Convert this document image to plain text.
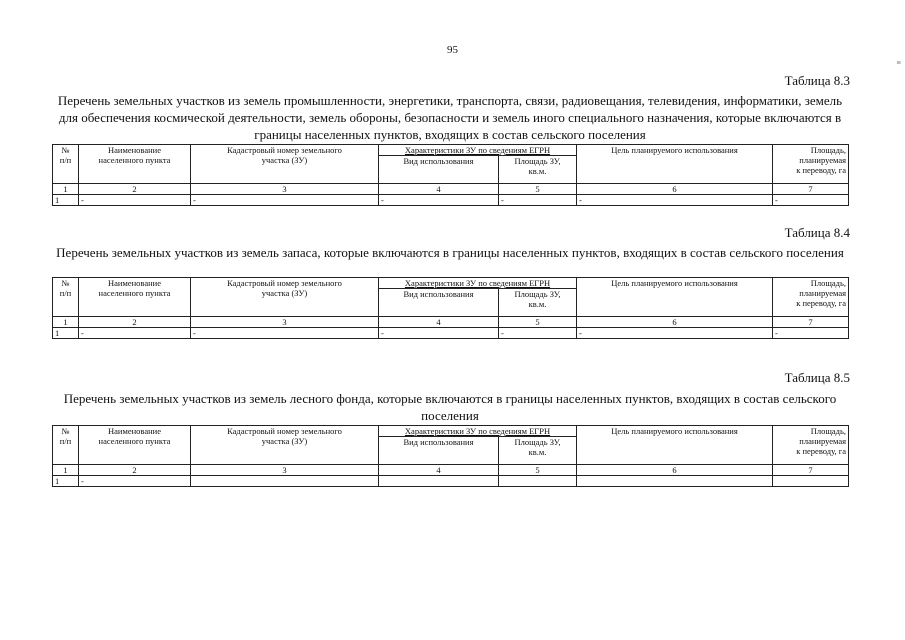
95
≡
Таблица 8.3
Перечень земельных участков из земель промышленности, энергетики, транспорта, связи, радиовещания, телевидения, информатики, земель для обеспечения космической деятельности, земель обороны, безопасности и земель иного специального назначения, которые включаются в границы населенных пунктов, входящих в состав сельского поселения
№
п/п	Наименование
населенного пункта	Кадастровый номер земельного
участка (ЗУ)	Характеристики ЗУ по сведениям ЕГРН		Цель планируемого использования	Площадь,
планируемая
к переводу, га
			Вид использования	Площадь ЗУ,
кв.м.		
1	2	3	4	5	6	7
1	-	-	-	-	-	-
Таблица 8.4
Перечень земельных участков из земель запаса, которые включаются в границы населенных пунктов, входящих в состав сельского поселения
№
п/п	Наименование
населенного пункта	Кадастровый номер земельного
участка (ЗУ)	Характеристики ЗУ по сведениям ЕГРН		Цель планируемого использования	Площадь,
планируемая
к переводу, га
			Вид использования	Площадь ЗУ,
кв.м.		
1	2	3	4	5	6	7
1	-	-	-	-	-	-
Таблица 8.5
Перечень земельных участков из земель лесного фонда, которые включаются в границы населенных пунктов, входящих в состав сельского поселения
№
п/п	Наименование
населенного пункта	Кадастровый номер земельного
участка (ЗУ)	Характеристики ЗУ по сведениям ЕГРН		Цель планируемого использования	Площадь,
планируемая
к переводу, га
			Вид использования	Площадь ЗУ,
кв.м.		
1	2	3	4	5	6	7
1	-					
